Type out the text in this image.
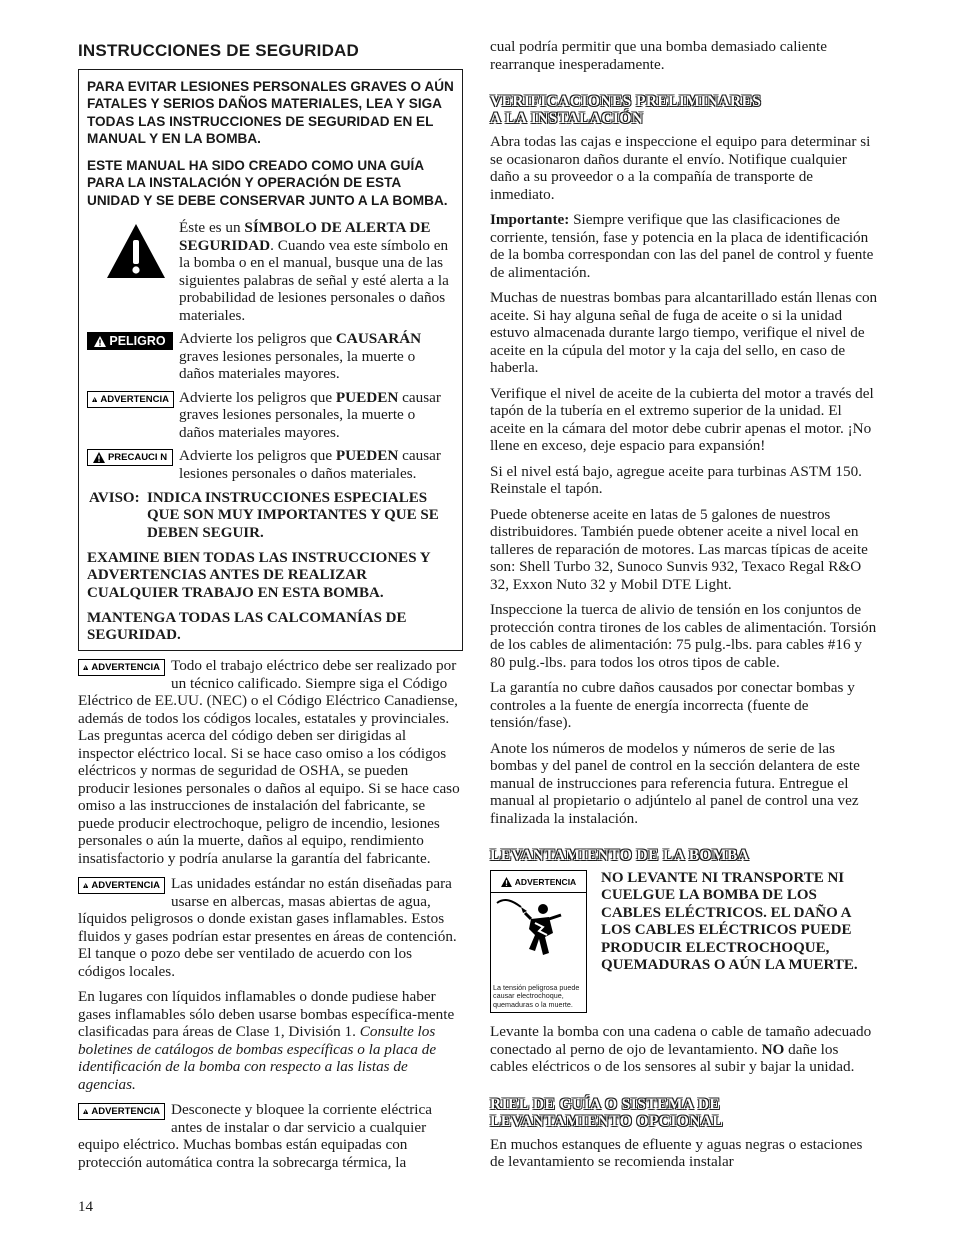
INSTRUCCIONES DE SEGURIDAD

PARA EVITAR LESIONES PERSONALES GRAVES O AÚN FATALES Y SERIOS DAÑOS MATERIALES, LEA Y SIGA TODAS LAS INSTRUCCIONES DE SEGURIDAD EN EL MANUAL Y EN LA BOMBA.

ESTE MANUAL HA SIDO CREADO COMO UNA GUÍA PARA LA INSTALACIÓN Y OPERACIÓN DE ESTA UNIDAD Y SE DEBE CONSERVAR JUNTO A LA BOMBA.

Éste es un SÍMBOLO DE ALERTA DE SEGURIDAD. Cuando vea este símbolo en la bomba o en el manual, busque una de las siguientes palabras de señal y esté alerta a la probabilidad de lesiones personales o daños materiales.
PELIGRO Advierte los peligros que CAUSARÁN graves lesiones personales, la muerte o daños materiales mayores.
ADVERTENCIA Advierte los peligros que PUEDEN causar graves lesiones personales, la muerte o daños materiales mayores.
PRECAUCI N Advierte los peligros que PUEDEN causar lesiones personales o daños materiales.
AVISO: INDICA INSTRUCCIONES ESPECIALES QUE SON MUY IMPORTANTES Y QUE SE DEBEN SEGUIR.

EXAMINE BIEN TODAS LAS INSTRUCCIONES Y ADVERTENCIAS ANTES DE REALIZAR CUALQUIER TRABAJO EN ESTA BOMBA.

MANTENGA TODAS LAS CALCOMANÍAS DE SEGURIDAD.

ADVERTENCIA Todo el trabajo eléctrico debe ser realizado por un técnico calificado. Siempre siga el Código Eléctrico de EE.UU. (NEC) o el Código Eléctrico Canadiense, además de todos los códigos locales, estatales y provinciales. Las preguntas acerca del código deben ser dirigidas al inspector eléctrico local. Si se hace caso omiso a los códigos eléctricos y normas de seguridad de OSHA, se pueden producir lesiones personales o daños al equipo. Si se hace caso omiso a las instrucciones de instalación del fabricante, se puede producir electrochoque, peligro de incendio, lesiones personales o aún la muerte, daños al equipo, rendimiento insatisfactorio y podría anularse la garantía del fabricante.

ADVERTENCIA Las unidades estándar no están diseñadas para usarse en albercas, masas abiertas de agua, líquidos peligrosos o donde existan gases inflamables. Estos fluidos y gases podrían estar presentes en áreas de contención. El tanque o pozo debe ser ventilado de acuerdo con los códigos locales.

En lugares con líquidos inflamables o donde pudiese haber gases inflamables sólo deben usarse bombas específica-mente clasificadas para áreas de Clase 1, División 1. Consulte los boletines de catálogos de bombas específicas o la placa de identificación de la bomba con respecto a las listas de agencias.

ADVERTENCIA Desconecte y bloquee la corriente eléctrica antes de instalar o dar servicio a cualquier equipo eléctrico. Muchas bombas están equipadas con protección automática contra la sobrecarga térmica, la

cual podría permitir que una bomba demasiado caliente rearranque inesperadamente.

VERIFICACIONES PRELIMINARES
A LA INSTALACIÓN

Abra todas las cajas e inspeccione el equipo para determinar si se ocasionaron daños durante el envío. Notifique cualquier daño a su proveedor o a la compañía de transporte de inmediato.

Importante: Siempre verifique que las clasificaciones de corriente, tensión, fase y potencia en la placa de identificación de la bomba correspondan con las del panel de control y fuente de alimentación.

Muchas de nuestras bombas para alcantarillado están llenas con aceite. Si hay alguna señal de fuga de aceite o si la unidad estuvo almacenada durante largo tiempo, verifique el nivel de aceite en la cúpula del motor y la caja del sello, en caso de haberla.

Verifique el nivel de aceite de la cubierta del motor a través del tapón de la tubería en el extremo superior de la unidad. El aceite en la cámara del motor debe cubrir apenas el motor. ¡No llene en exceso, deje espacio para expansión!

Si el nivel está bajo, agregue aceite para turbinas ASTM 150. Reinstale el tapón.

Puede obtenerse aceite en latas de 5 galones de nuestros distribuidores. También puede obtener aceite a nivel local en talleres de reparación de motores. Las marcas típicas de aceite son: Shell Turbo 32, Sunoco Sunvis 932, Texaco Regal R&O 32, Exxon Nuto 32 y Mobil DTE Light.

Inspeccione la tuerca de alivio de tensión en los conjuntos de protección contra tirones de los cables de alimentación. Torsión de los cables de alimentación: 75 pulg.-lbs. para cables #16 y 80 pulg.-lbs. para todos los otros tipos de cable.

La garantía no cubre daños causados por conectar bombas y controles a la fuente de energía incorrecta (fuente de tensión/fase).

Anote los números de modelos y números de serie de las bombas y del panel de control en la sección delantera de este manual de instrucciones para referencia futura. Entregue el manual al propietario o adjúntelo al panel de control una vez finalizada la instalación.

LEVANTAMIENTO DE LA BOMBA
ADVERTENCIA
La tensión peligrosa puede causar electrochoque, quemaduras o la muerte.
NO LEVANTE NI TRANSPORTE NI CUELGUE LA BOMBA DE LOS CABLES ELÉCTRICOS. EL DAÑO A LOS CABLES ELÉCTRICOS PUEDE PRODUCIR ELECTROCHOQUE, QUEMADURAS O AÚN LA MUERTE.

Levante la bomba con una cadena o cable de tamaño adecuado conectado al perno de ojo de levantamiento. NO dañe los cables eléctricos o de los sensores al subir y bajar la unidad.

RIEL DE GUÍA O SISTEMA DE
LEVANTAMIENTO OPCIONAL

En muchos estanques de efluente y aguas negras o estaciones de levantamiento se recomienda instalar

14
